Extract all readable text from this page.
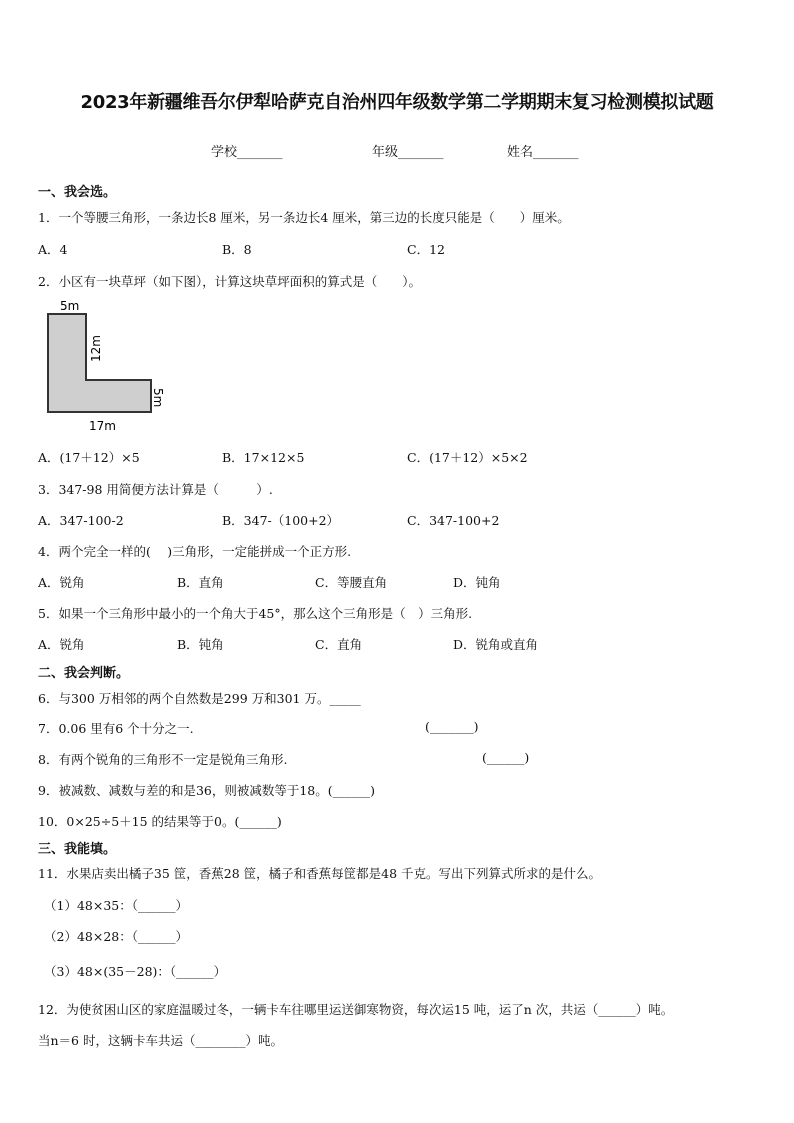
2023年新疆维吾尔伊犁哈萨克自治州四年级数学第二学期期末复习检测模拟试题
学校_______	年级_______	姓名_______
一、我会选。
1．一个等腰三角形，一条边长8 厘米，另一条边长4 厘米，第三边的长度只能是（　　）厘米。
A．4	B．8	C．12
2．小区有一块草坪（如下图），计算这块草坪面积的算式是（　　）。
5m
12m
5m
17m
A．(17＋12）×5	B．17×12×5	C．(17＋12）×5×2
3．347-98 用简便方法计算是（　　　）.
A．347-100-2	B．347-（100+2）	C．347-100+2
4．两个完全一样的(　 )三角形，一定能拼成一个正方形.
A．锐角	B．直角	C．等腰直角	D．钝角
5．如果一个三角形中最小的一个角大于45°，那么这个三角形是（　）三角形.
A．锐角	B．钝角	C．直角	D．锐角或直角
二、我会判断。
6．与300 万相邻的两个自然数是299 万和301 万。_____
7．0.06 里有6 个十分之一.	(_______)
8．有两个锐角的三角形不一定是锐角三角形.	(______)
9．被减数、减数与差的和是36，则被减数等于18。(______)
10．0×25÷5＋15 的结果等于0。(______)
三、我能填。
11．水果店卖出橘子35 筐，香蕉28 筐，橘子和香蕉每筐都是48 千克。写出下列算式所求的是什么。
（1）48×35：（______）
（2）48×28：（______）
（3）48×(35－28)：（______）
12．为使贫困山区的家庭温暖过冬，一辆卡车往哪里运送御寒物资，每次运15 吨，运了n 次，共运（______）吨。
当n＝6 时，这辆卡车共运（________）吨。
